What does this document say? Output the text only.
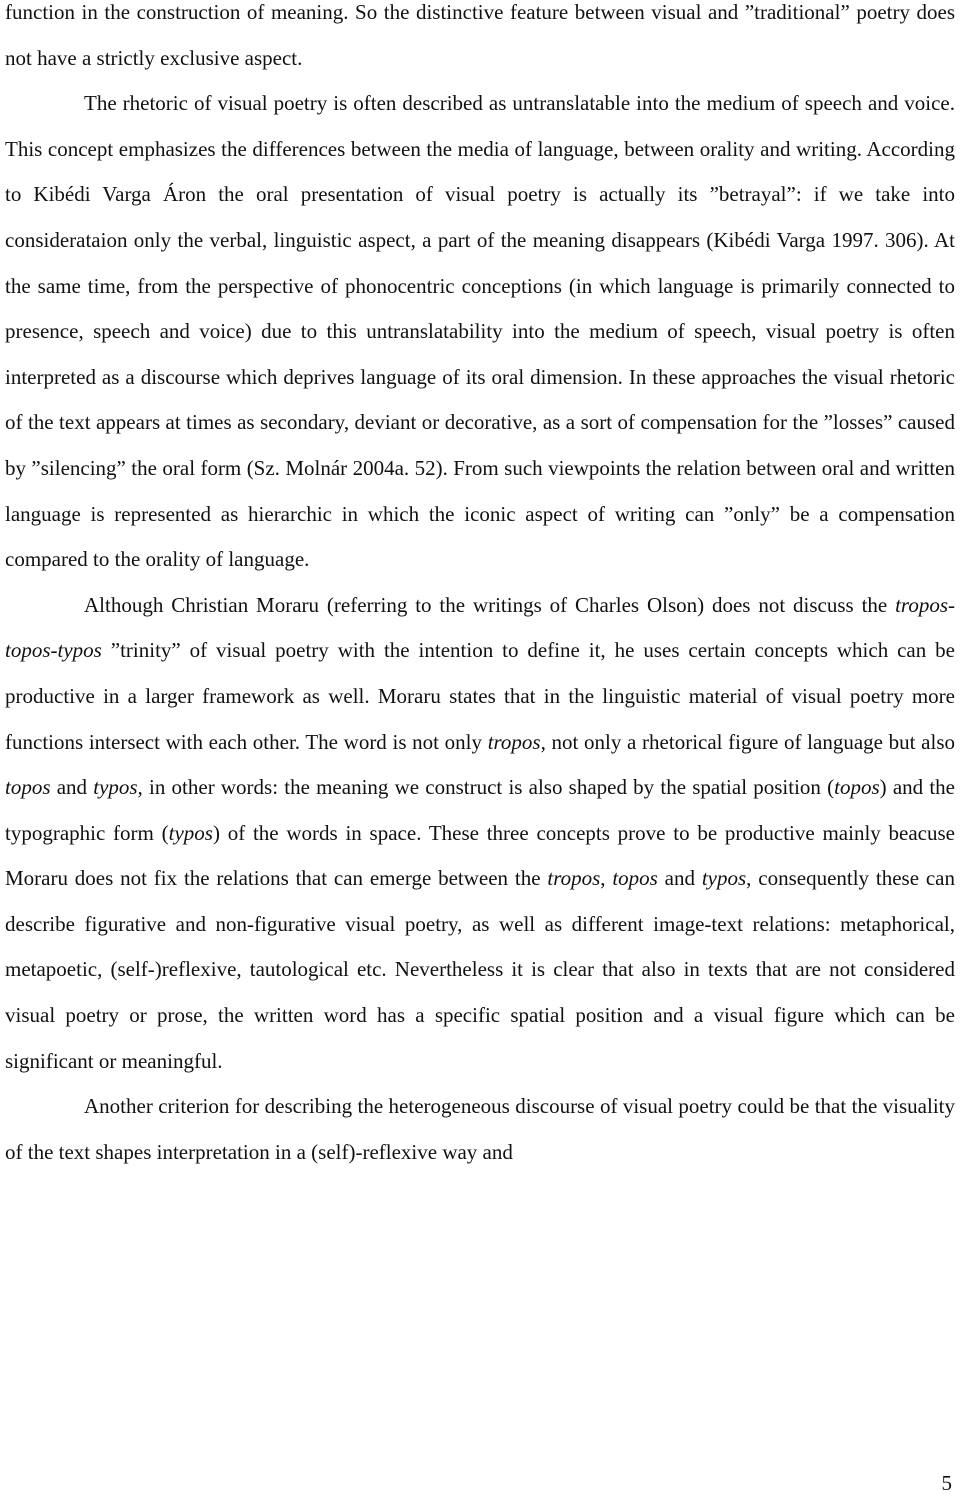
function in the construction of meaning. So the distinctive feature between visual and ”traditional” poetry does not have a strictly exclusive aspect.

The rhetoric of visual poetry is often described as untranslatable into the medium of speech and voice. This concept emphasizes the differences between the media of language, between orality and writing. According to Kibédi Varga Áron the oral presentation of visual poetry is actually its ”betrayal”: if we take into considerataion only the verbal, linguistic aspect, a part of the meaning disappears (Kibédi Varga 1997. 306). At the same time, from the perspective of phonocentric conceptions (in which language is primarily connected to presence, speech and voice) due to this untranslatability into the medium of speech, visual poetry is often interpreted as a discourse which deprives language of its oral dimension. In these approaches the visual rhetoric of the text appears at times as secondary, deviant or decorative, as a sort of compensation for the ”losses” caused by ”silencing” the oral form (Sz. Molnár 2004a. 52). From such viewpoints the relation between oral and written language is represented as hierarchic in which the iconic aspect of writing can ”only” be a compensation compared to the orality of language.

Although Christian Moraru (referring to the writings of Charles Olson) does not discuss the tropos-topos-typos ”trinity” of visual poetry with the intention to define it, he uses certain concepts which can be productive in a larger framework as well. Moraru states that in the linguistic material of visual poetry more functions intersect with each other. The word is not only tropos, not only a rhetorical figure of language but also topos and typos, in other words: the meaning we construct is also shaped by the spatial position (topos) and the typographic form (typos) of the words in space. These three concepts prove to be productive mainly beacuse Moraru does not fix the relations that can emerge between the tropos, topos and typos, consequently these can describe figurative and non-figurative visual poetry, as well as different image-text relations: metaphorical, metapoetic, (self-)reflexive, tautological etc. Nevertheless it is clear that also in texts that are not considered visual poetry or prose, the written word has a specific spatial position and a visual figure which can be significant or meaningful.

Another criterion for describing the heterogeneous discourse of visual poetry could be that the visuality of the text shapes interpretation in a (self)-reflexive way and

5
